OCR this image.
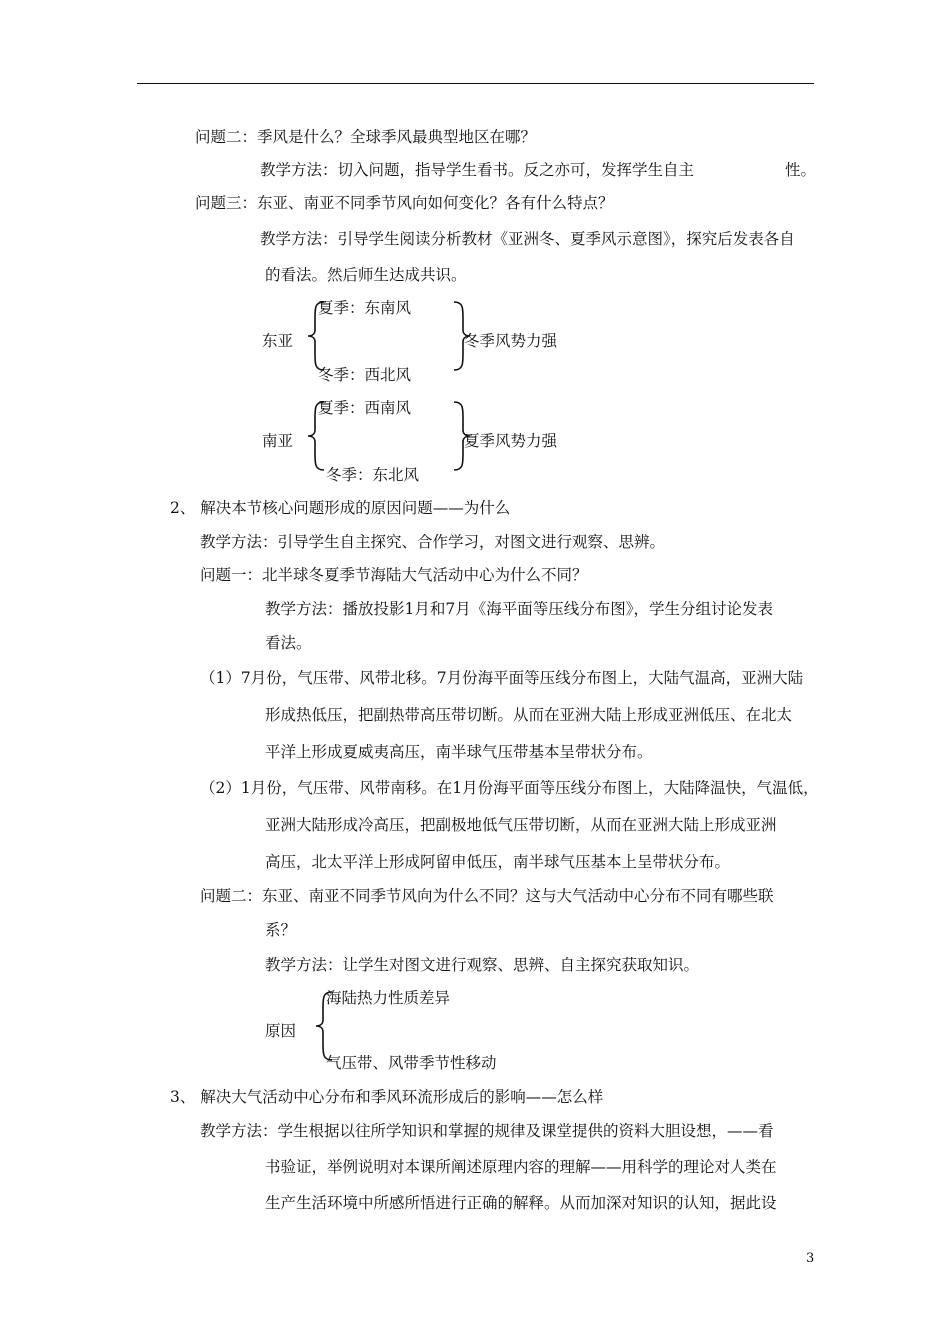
问题二：季风是什么？全球季风最典型地区在哪？
教学方法：切入问题，指导学生看书。反之亦可，发挥学生自主	性。
问题三：东亚、南亚不同季节风向如何变化？各有什么特点？
教学方法：引导学生阅读分析教材《亚洲冬、夏季风示意图》，探究后发表各自
的看法。然后师生达成共识。
东亚
夏季：东南风
冬季：西北风
冬季风势力强
南亚
夏季：西南风
冬季：东北风
夏季风势力强
2、 解决本节核心问题形成的原因问题——为什么
教学方法：引导学生自主探究、合作学习，对图文进行观察、思辨。
问题一：北半球冬夏季节海陆大气活动中心为什么不同？
教学方法：播放投影1月和7月《海平面等压线分布图》，学生分组讨论发表
看法。
（1）7月份，气压带、风带北移。7月份海平面等压线分布图上，大陆气温高，亚洲大陆
形成热低压，把副热带高压带切断。从而在亚洲大陆上形成亚洲低压、在北太
平洋上形成夏威夷高压，南半球气压带基本呈带状分布。
（2）1月份，气压带、风带南移。在1月份海平面等压线分布图上，大陆降温快，气温低，
亚洲大陆形成冷高压，把副极地低气压带切断，从而在亚洲大陆上形成亚洲
高压，北太平洋上形成阿留申低压，南半球气压基本上呈带状分布。
问题二：东亚、南亚不同季节风向为什么不同？这与大气活动中心分布不同有哪些联
系？
教学方法：让学生对图文进行观察、思辨、自主探究获取知识。
原因
海陆热力性质差异
气压带、风带季节性移动
3、 解决大气活动中心分布和季风环流形成后的影响——怎么样
教学方法：学生根据以往所学知识和掌握的规律及课堂提供的资料大胆设想，——看
书验证，举例说明对本课所阐述原理内容的理解——用科学的理论对人类在
生产生活环境中所感所悟进行正确的解释。从而加深对知识的认知，据此设
3
